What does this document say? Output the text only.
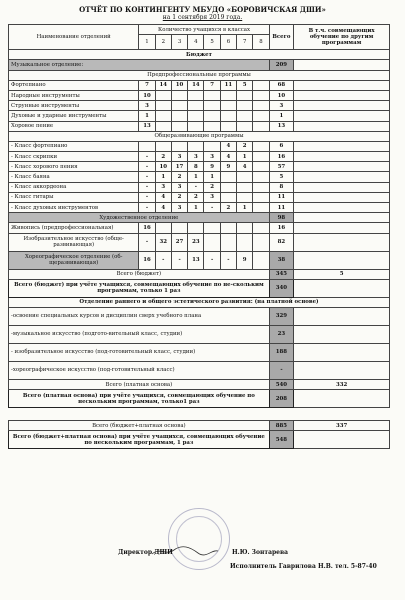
ОТЧЁТ ПО КОНТИНГЕНТУ МБУДО «БОРОВИЧСКАЯ ДШИ»
на 1 сентября 2019 года.
Наименование отделений	Количество учащихся в классах								Всего	В т.ч. совмещающих обучение по другим программам
	1	2	3	4	5	6	7	8		
Бюджет										
Музыкальное отделение:									209	
Предпрофессиональные программы										
Фортепиано	7	14	10	14	7	11	5		68	
Народные инструменты	10								10	
Струнные инструменты	3								3	
Духовые и ударные инструменты	1								1	
Хоровое пение	13								13	
Общеразвивающие программы										
- Класс фортепиано						4	2		6	
- Класс скрипки	-	2	3	3	3	4	1		16	
- Класс хорового пения	-	10	17	8	9	9	4		57	
- Класс баяна	-	1	2	1	1				5	
- Класс аккордеона	-	3	3	-	2				8	
- Класс гитары	-	4	2	2	3				11	
- Класс духовых инструментов	-	4	3	1	-	2	1		11	
Художественное отделение									98	
Живопись (предпрофессиональная)	16								16	
Изобразительное искусство (обще-развивающая)	-	32	27	23					82	
Хореографическое отделение (об-щеразвивающая)	16	-	-	13	-	-	9		38	
Всего (бюджет)									345	5
Всего (бюджет) при учёте учащихся, совмещающих обучение по не-скольким программам, только 1 раз									340	
Отделение раннего и общего эстетического развития: (на платной основе)										
-освоение специальных курсов и дисциплин сверх учебного плана									329	
-музыкальное искусство (подгото-вительный класс, студии)									23	
- изобразительное искусство (под-готовительный класс, студии)									188	
-хореографическое искусство (под-готовительный класс)									-	
Всего (платная основа)									540	332
Всего (платная основа) при учёте учащихся, совмещающих обучение по нескольким программам, только1 раз									208	

Всего (бюджет+платная основа)									885	337
Всего (бюджет+платная основа) при учёте учащихся, совмещающих обучение по нескольким программам, 1 раз									548	
Директор ДШИ	Н.Ю. Зонтарева
Исполнитель Гаврилова Н.В. тел. 5-87-40
